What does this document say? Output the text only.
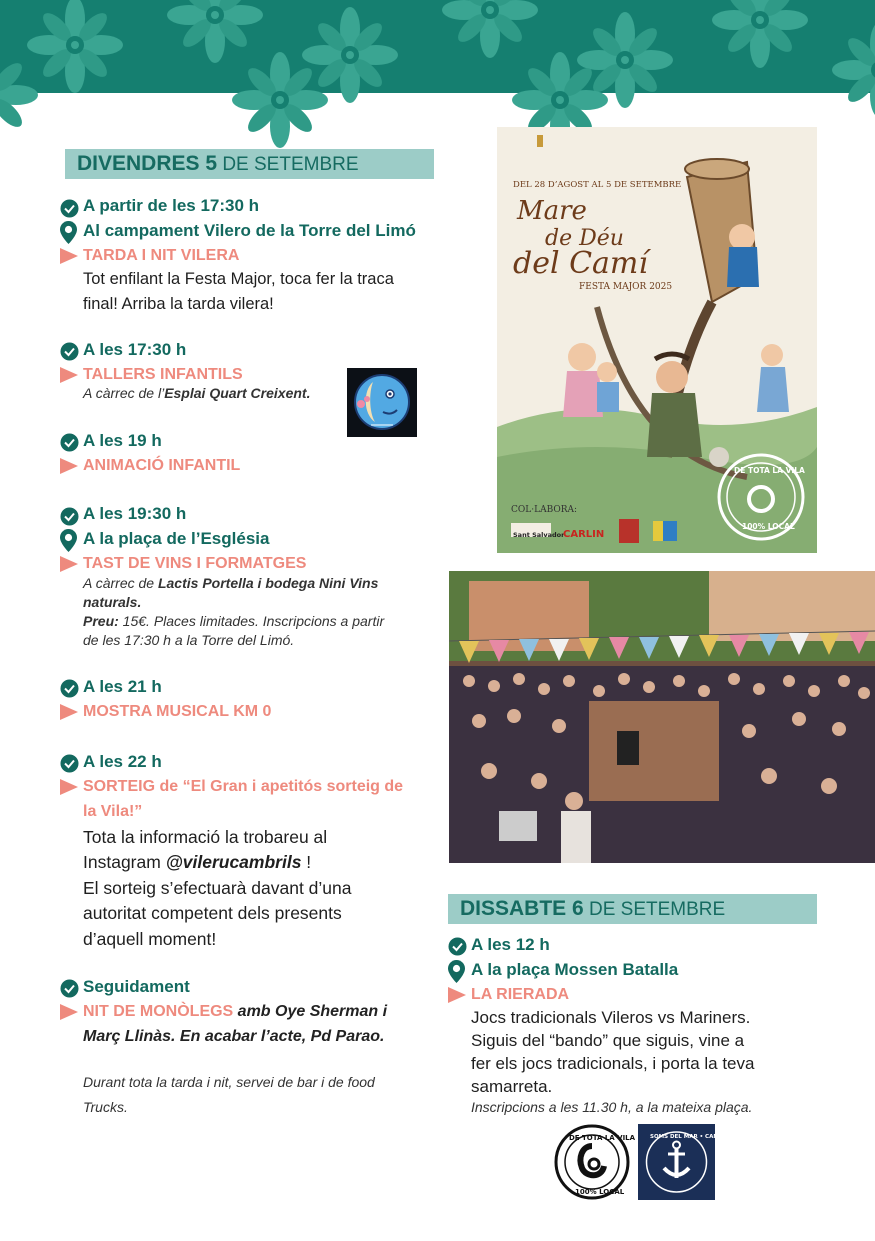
DIVENDRES 5 DE SETEMBRE
A partir de les 17:30 h
Al campament Vilero de la Torre del Limó
TARDA I NIT VILERA
Tot enfilant la Festa Major, toca fer la traca
final! Arriba la tarda vilera!
A les 17:30 h
TALLERS INFANTILS
A càrrec de l’Esplai Quart Creixent.
A les 19 h
ANIMACIÓ INFANTIL
A les 19:30 h
A la plaça de l’Església
TAST DE VINS I FORMATGES
A càrrec de Lactis Portella i bodega Nini Vins
naturals.
Preu: 15€. Places limitades. Inscripcions a partir
de les 17:30 h a la Torre del Limó.
A les 21 h
MOSTRA MUSICAL KM 0
A les 22 h
SORTEIG de “El Gran i apetitós sorteig de
la Vila!”
Tota la informació la trobareu al
Instagram @vilerucambrils !
El sorteig s’efectuarà davant d’una
autoritat competent dels presents
d’aquell moment!
Seguidament
NIT DE MONÒLEGS amb Oye Sherman i
Març Llinàs. En acabar l’acte, Pd Parao.
Durant tota la tarda i nit, servei de bar i de food
Trucks.
DEL 28 D’AGOST AL 5 DE SETEMBRE
Mare
de Déu
del Camí
FESTA MAJOR 2025
DE TOTA LA VILA
100% LOCAL
COL·LABORA:
Sant Salvador
CARLIN
DISSABTE 6 DE SETEMBRE
A les 12 h
A la plaça Mossen Batalla
LA RIERADA
Jocs tradicionals Vileros vs Mariners.
Siguis del “bando” que siguis, vine a
fer els jocs tradicionals, i porta la teva
samarreta.
Inscripcions a les 11.30 h, a la mateixa plaça.
DE TOTA LA VILA
100% LOCAL
SOMS DEL MAR • CAMBRILS
